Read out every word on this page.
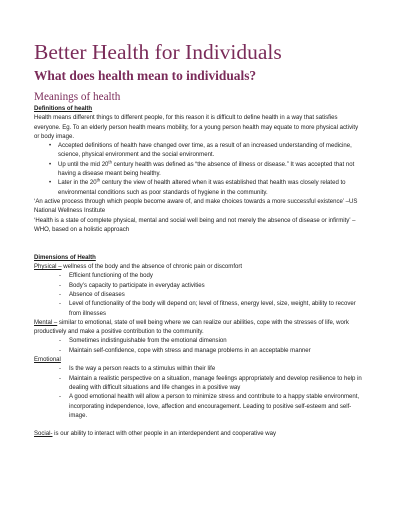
Better Health for Individuals
What does health mean to individuals?
Meanings of health
Definitions of health
Health means different things to different people, for this reason it is difficult to define health in a way that satisfies everyone. Eg. To an elderly person health means mobility, for a young person health may equate to more physical activity or body image.
• Accepted definitions of health have changed over time, as a result of an increased understanding of medicine, science, physical environment and the social environment.
• Up until the mid 20th century health was defined as “the absence of illness or disease.” It was accepted that not having a disease meant being healthy.
• Later in the 20th century the view of health altered when it was established that health was closely related to environmental conditions such as poor standards of hygiene in the community.
‘An active process through which people become aware of, and make choices towards a more successful existence’ –US National Wellness Institute
‘Health is a state of complete physical, mental and social well being and not merely the absence of disease or infirmity’ – WHO, based on a holistic approach
Dimensions of Health
Physical – wellness of the body and the absence of chronic pain or discomfort
- Efficient functioning of the body
- Body’s capacity to participate in everyday activities
- Absence of diseases
- Level of functionality of the body will depend on; level of fitness, energy level, size, weight, ability to recover from illnesses
Mental – similar to emotional, state of well being where we can realize our abilities, cope with the stresses of life, work productively and make a positive contribution to the community.
- Sometimes indistinguishable from the emotional dimension
- Maintain self-confidence, cope with stress and manage problems in an acceptable manner
Emotional
- Is the way a person reacts to a stimulus within their life
- Maintain a realistic perspective on a situation, manage feelings appropriately and develop resilience to help in dealing with difficult situations and life changes in a positive way
- A good emotional health will allow a person to minimize stress and contribute to a happy stable environment, incorporating independence, love, affection and encouragement. Leading to positive self-esteem and self-image.
Social- is our ability to interact with other people in an interdependent and cooperative way
